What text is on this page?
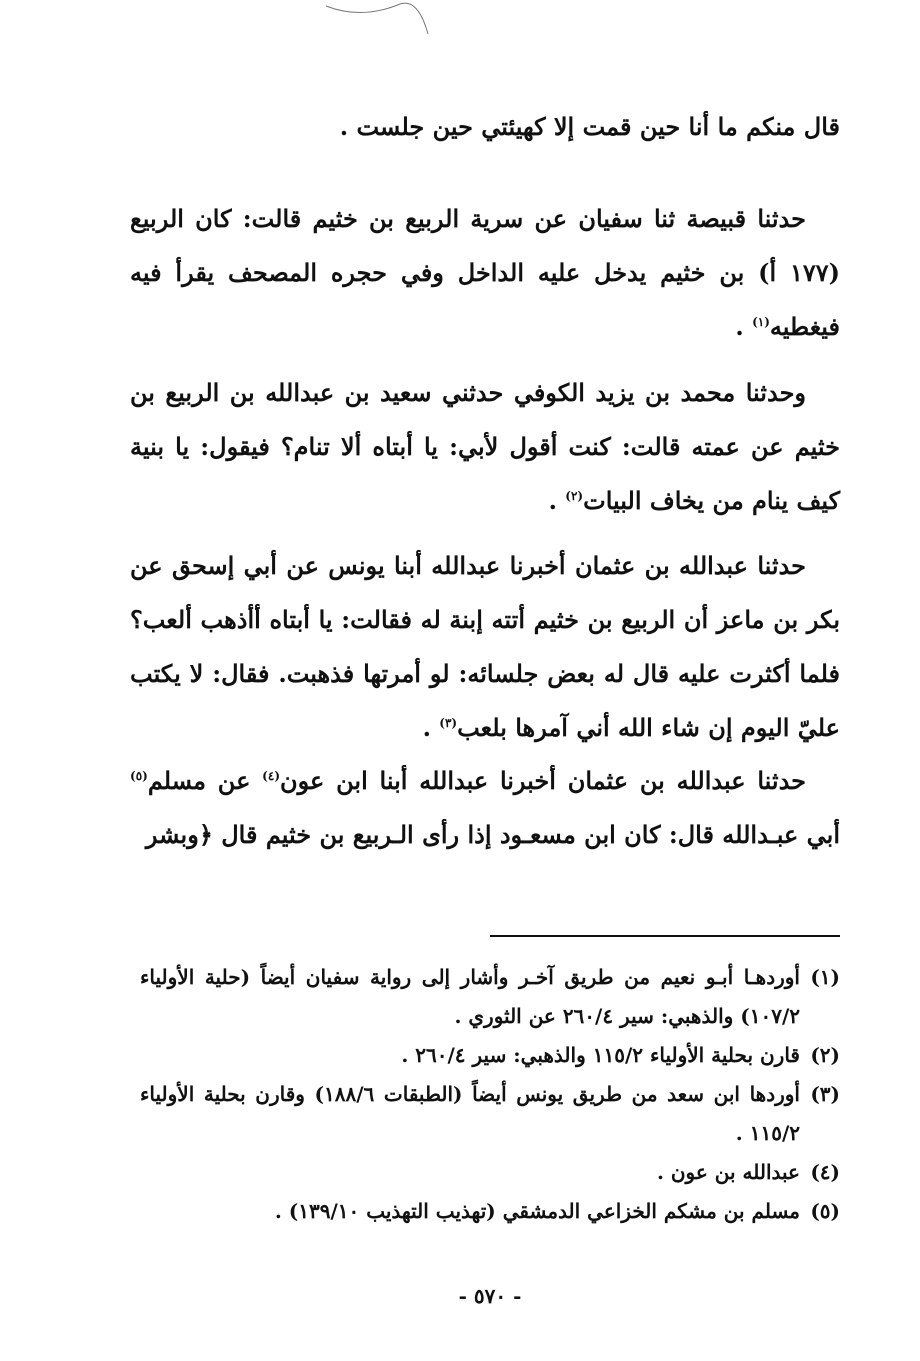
قال منكم ما أنا حين قمت إلا كهيئتي حين جلست .
حدثنا قبيصة ثنا سفيان عن سرية الربيع بن خثيم قالت: كان الربيع (١٧٧ أ) بن خثيم يدخل عليه الداخل وفي حجره المصحف يقرأ فيه فيغطيه$^{(١)}$ .
وحدثنا محمد بن يزيد الكوفي حدثني سعيد بن عبدالله بن الربيع بن خثيم عن عمته قالت: كنت أقول لأبي: يا أبتاه ألا تنام؟ فيقول: يا بنية كيف ينام من يخاف البيات$^{(٢)}$ .
حدثنا عبدالله بن عثمان أخبرنا عبدالله أبنا يونس عن أبي إسحق عن بكر بن ماعز أن الربيع بن خثيم أتته إبنة له فقالت: يا أبتاه أأذهب ألعب؟ فلما أكثرت عليه قال له بعض جلسائه: لو أمرتها فذهبت. فقال: لا يكتب عليّ اليوم إن شاء الله أني آمرها بلعب$^{(٣)}$ .
حدثنا عبدالله بن عثمان أخبرنا عبدالله أبنا ابن عون$^{(٤)}$ عن مسلم$^{(٥)}$ أبي عبـدالله قال: كان ابن مسعـود إذا رأى الـربيع بن خثيم قال ﴿وبشر
(١)
أوردهـا أبـو نعيم من طريق آخـر وأشار إلى رواية سفيان أيضاً (حلية الأولياء ١٠٧/٢) والذهبي: سير ٢٦٠/٤ عن الثوري .
(٢)
قارن بحلية الأولياء ١١٥/٢ والذهبي: سير ٢٦٠/٤ .
(٣)
أوردها ابن سعد من طريق يونس أيضاً (الطبقات ١٨٨/٦) وقارن بحلية الأولياء ١١٥/٢ .
(٤)
عبدالله بن عون .
(٥)
مسلم بن مشكم الخزاعي الدمشقي (تهذيب التهذيب ١٣٩/١٠) .
- ٥٧٠ -
